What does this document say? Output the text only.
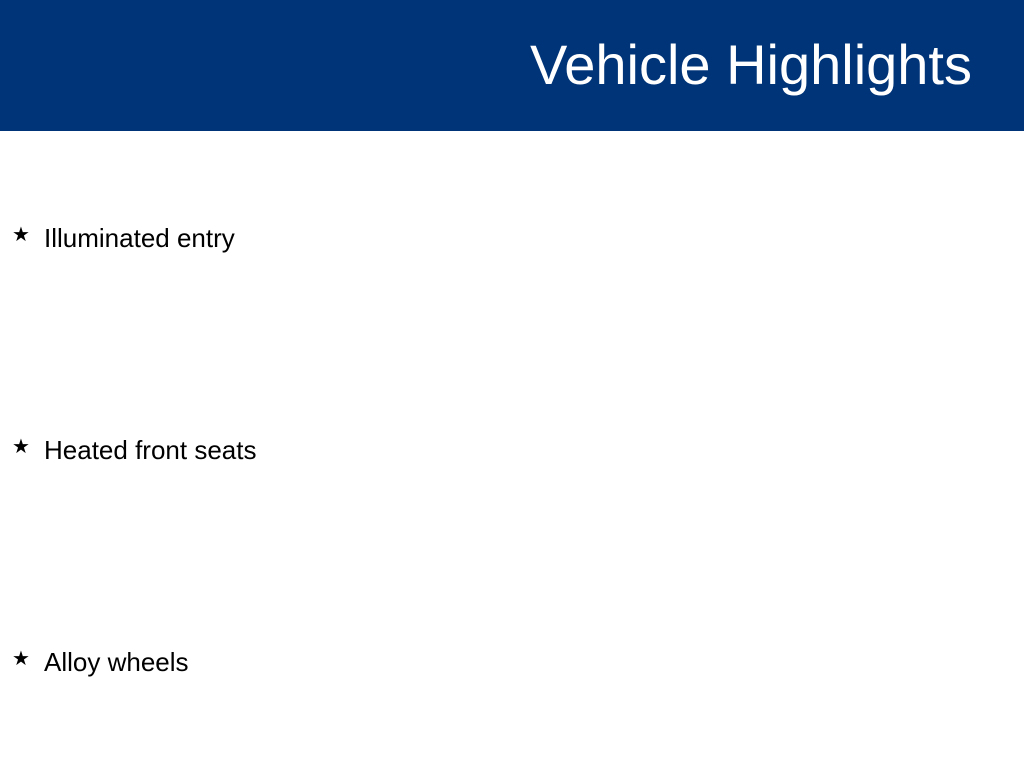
Vehicle Highlights
★ Illuminated entry
★ Heated front seats
★ Alloy wheels
